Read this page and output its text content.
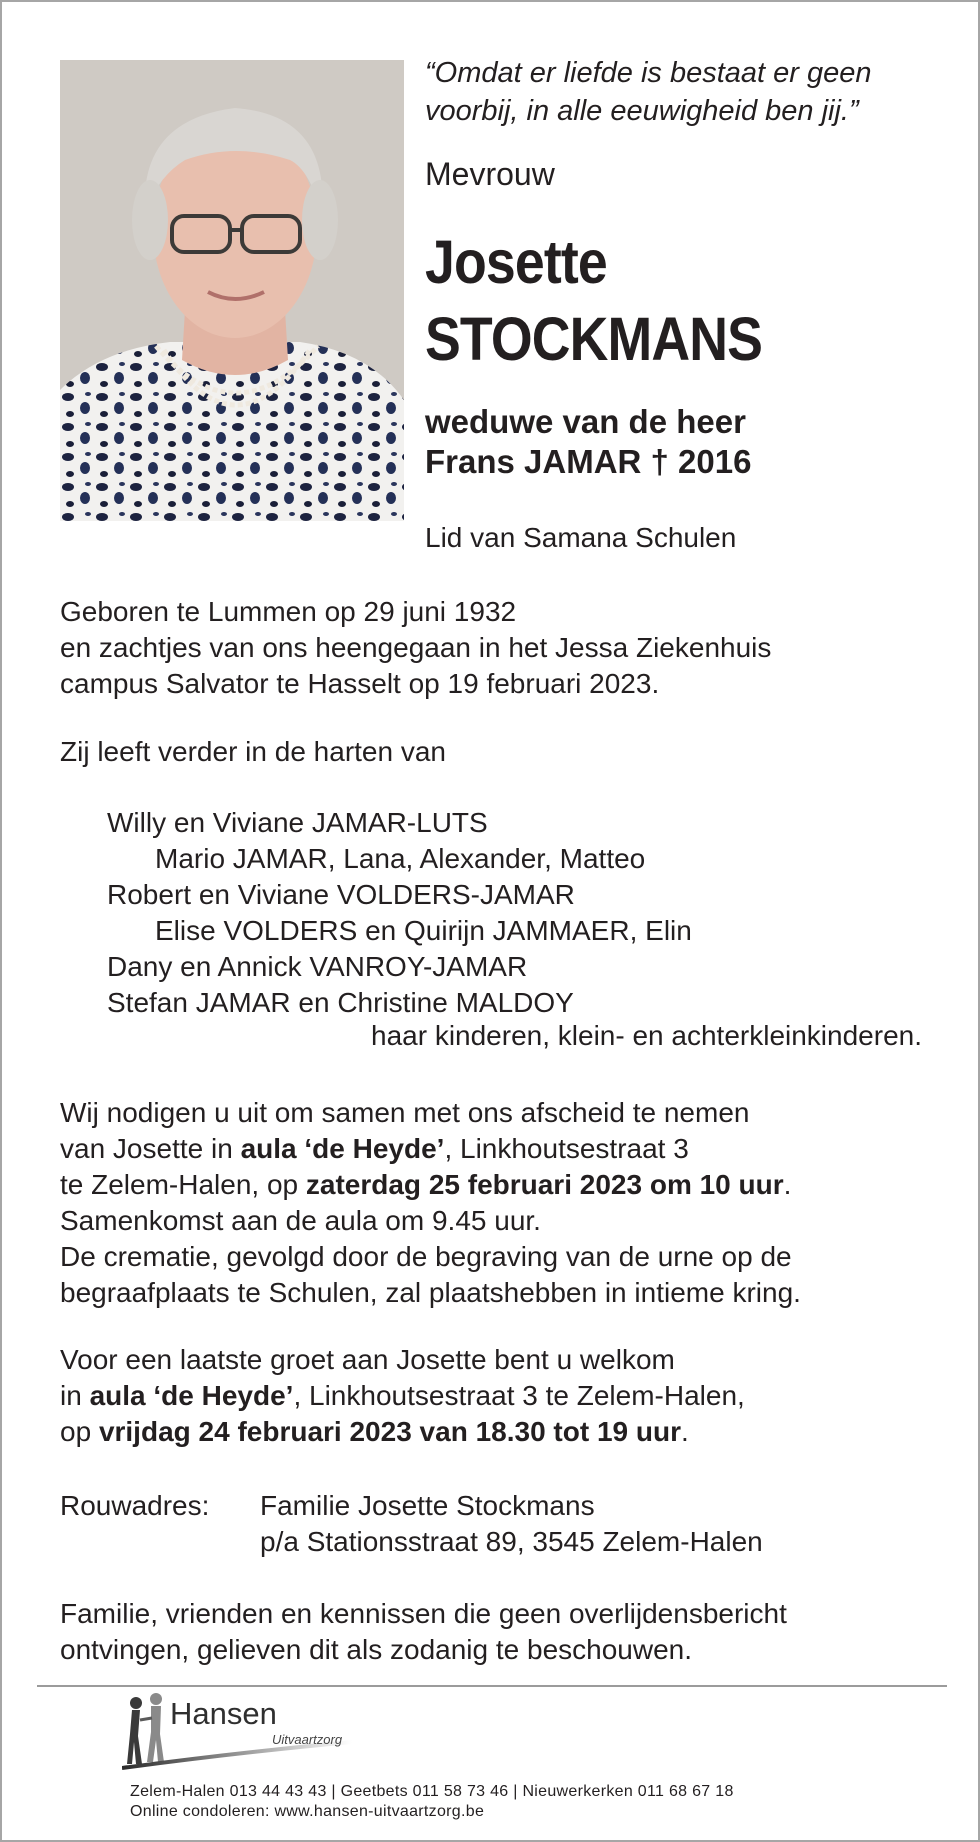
“Omdat er liefde is bestaat er geen voorbij, in alle eeuwigheid ben jij.”

Mevrouw

Josette
STOCKMANS
weduwe van de heer
Frans JAMAR † 2016

Lid van Samana Schulen

Geboren te Lummen op 29 juni 1932
en zachtjes van ons heengegaan in het Jessa Ziekenhuis
campus Salvator te Hasselt op 19 februari 2023.

Zij leeft verder in de harten van

Willy en Viviane JAMAR-LUTS
Mario JAMAR, Lana, Alexander, Matteo
Robert en Viviane VOLDERS-JAMAR
Elise VOLDERS en Quirijn JAMMAER, Elin
Dany en Annick VANROY-JAMAR
Stefan JAMAR en Christine MALDOY
haar kinderen, klein- en achterkleinkinderen.
Wij nodigen u uit om samen met ons afscheid te nemen
van Josette in aula ‘de Heyde’, Linkhoutsestraat 3
te Zelem-Halen, op zaterdag 25 februari 2023 om 10 uur.
Samenkomst aan de aula om 9.45 uur.
De crematie, gevolgd door de begraving van de urne op de
begraafplaats te Schulen, zal plaatshebben in intieme kring.
Voor een laatste groet aan Josette bent u welkom
in aula ‘de Heyde’, Linkhoutsestraat 3 te Zelem-Halen,
op vrijdag 24 februari 2023 van 18.30 tot 19 uur.
Rouwadres: Familie Josette Stockmans
p/a Stationsstraat 89, 3545 Zelem-Halen
Familie, vrienden en kennissen die geen overlijdensbericht
ontvingen, gelieven dit als zodanig te beschouwen.
Hansen
Uitvaartzorg
Zelem-Halen 013 44 43 43 | Geetbets 011 58 73 46 | Nieuwerkerken 011 68 67 18
Online condoleren: www.hansen-uitvaartzorg.be
